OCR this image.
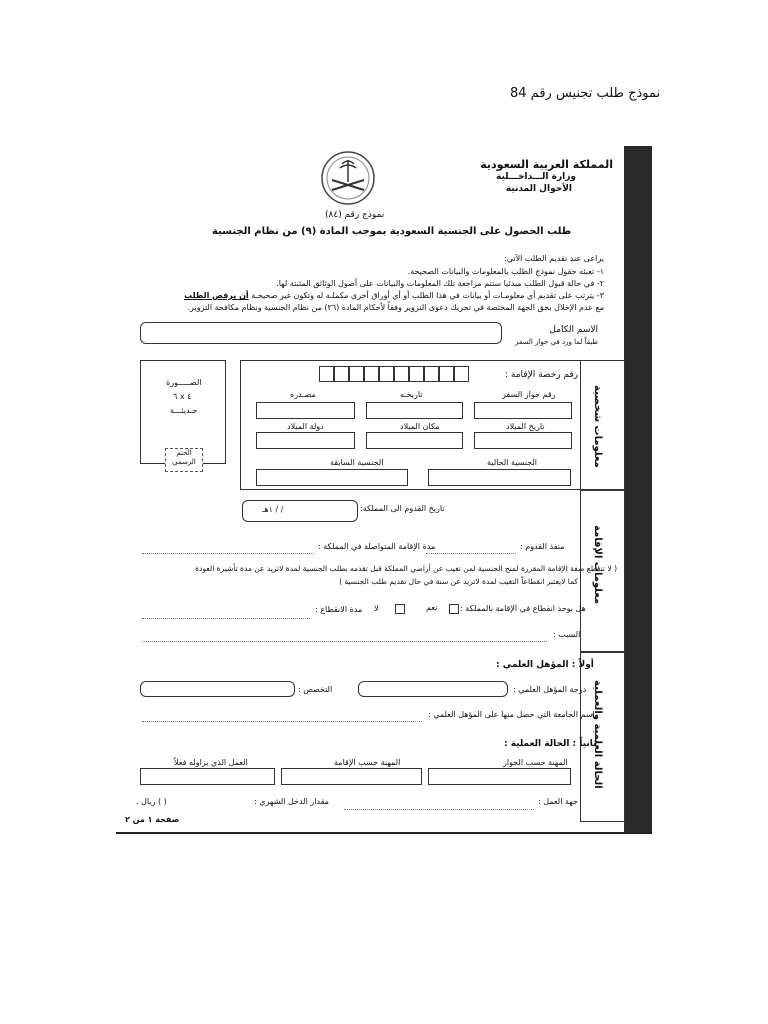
نموذج طلب تجنيس رقم 84
المملكة العربية السعودية
وزارة الـــداخـــلية
الأحوال المدنية
نموذج رقم (٨٤)
طلب الحصول على الجنسية السعودية بموجب المادة (٩) من نظام الجنسية
يراعى عند تقديم الطلب الآتي:
١- تعبئه حقول نموذج الطلب بالمعلومات والبيانات الصحيحة.
٢- في حالة قبول الطلب مبدئيا ستتم مراجعة تلك المعلومات والبيانات على أصول الوثائق المثبتة لها.
٣- يترتب على تقديم أي معلومـات أو بيانات في هذا الطلب أو أي أوراق أخرى مكملـه له وتكون غير صحيحـة أن يرفض الطلب
مع عدم الإخلال بحق الجهة المختصة في تحريك دعوى التزوير وفقاً لأحكام المادة (٢٦) من نظام الجنسية ونظام مكافحة التزوير.
الاسم الكامل
طبقاً لما ورد في جواز السفر
الصـــــورة
٤ x ٦
حـديثـــة
الختم الرسمي	معلومات شخصية
رقم رخصة الإقامة :
رقم جواز السفر
تاريخـه
مصـدره
تاريخ الميلاد
مكان الميلاد
دولة الميلاد
الجنسية الحالية
الجنسية السابقة
معلومات الإقامة
تاريخ القدوم الى المملكة:
/ / ١هـ
منفذ القدوم :
مدة الإقامة المتواصلة في المملكة :
( لا تنقطع صفة الإقامة المقررة لمنح الجنسية لمن تغيب عن أراضي المملكة قبل تقدمه بطلب الجنسية لمدة لاتزيد عن مدة تأشيرة العودة
كما لايعتبر انقطاعاً التغيب لمدة لاتزيد عن سنة في حال تقديم طلب الجنسية )
هل يوجد انقطاع في الإقامة بالمملكة :
نعم
لا
مدة الانقطاع :
السبب :
الحالة العلمية والعملية
أولاً : المؤهل العلمي :
درجة المؤهل العلمي :
التخصص :
اسم الجامعة التي حصل منها على المؤهل العلمي :
ثانياً : الحالة العملية :
المهنة حسب الجواز
المهنة حسب الإقامة
العمل الذي يزاوله فعلاً
جهة العمل :
مقدار الدخل الشهري :
( ) ريال .
صفحة ١ من ٢
